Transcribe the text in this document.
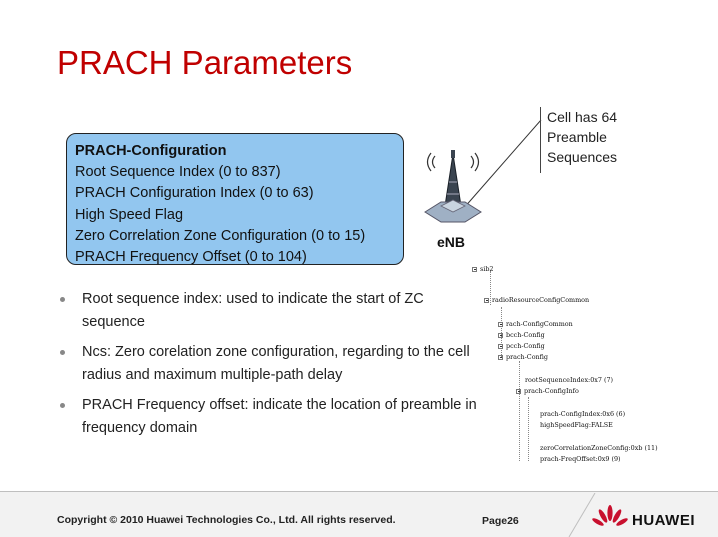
PRACH Parameters
PRACH-Configuration
Root Sequence Index (0 to 837)
PRACH Configuration Index (0 to 63)
High Speed Flag
Zero Correlation Zone Configuration (0 to 15)
PRACH Frequency Offset (0 to 104)
Cell has 64
Preamble
Sequences
eNB
Root sequence index: used to indicate the start of ZC sequence
Ncs: Zero corelation zone configuration, regarding to the cell radius and maximum multiple-path delay
PRACH Frequency offset: indicate the location of preamble in frequency domain
sib2
radioResourceConfigCommon
rach-ConfigCommon
bcch-Config
pcch-Config
prach-Config
rootSequenceIndex:0x7 (7)
prach-ConfigInfo
prach-ConfigIndex:0x6 (6)
highSpeedFlag:FALSE
zeroCorrelationZoneConfig:0xb (11)
prach-FreqOffset:0x9 (9)
Copyright © 2010 Huawei Technologies Co., Ltd. All rights reserved.	Page26	HUAWEI
